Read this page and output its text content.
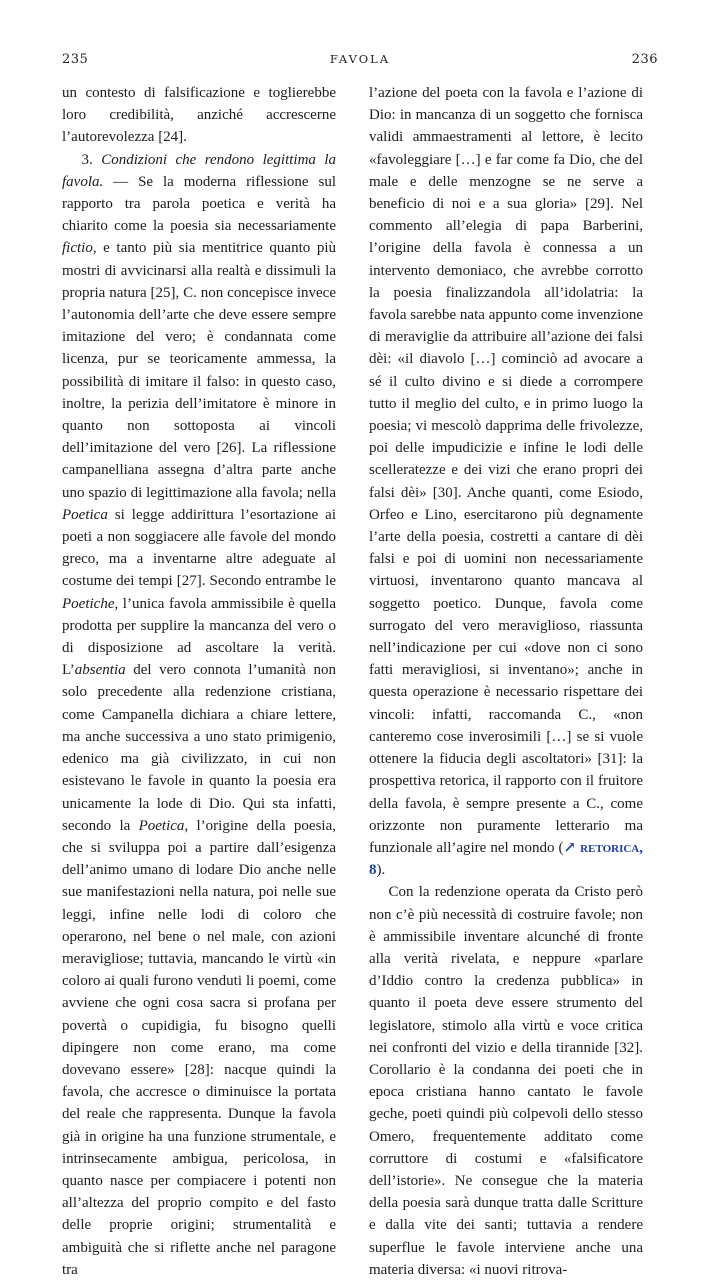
235	FAVOLA	236

un contesto di falsificazione e toglierebbe loro credibilità, anziché accrescerne l’autorevolezza [24].

3. Condizioni che rendono legittima la favola. — Se la moderna riflessione sul rapporto tra parola poetica e verità ha chiarito come la poesia sia necessariamente fictio, e tanto più sia mentitrice quanto più mostri di avvicinarsi alla realtà e dissimuli la propria natura [25], C. non concepisce invece l’autonomia dell’arte che deve essere sempre imitazione del vero; è condannata come licenza, pur se teoricamente ammessa, la possibilità di imitare il falso: in questo caso, inoltre, la perizia dell’imitatore è minore in quanto non sottoposta ai vincoli dell’imitazione del vero [26]. La riflessione campanelliana assegna d’altra parte anche uno spazio di legittimazione alla favola; nella Poetica si legge addirittura l’esortazione ai poeti a non soggiacere alle favole del mondo greco, ma a inventarne altre adeguate al costume dei tempi [27]. Secondo entrambe le Poetiche, l’unica favola ammissibile è quella prodotta per supplire la mancanza del vero o di disposizione ad ascoltare la verità. L’absentia del vero connota l’umanità non solo precedente alla redenzione cristiana, come Campanella dichiara a chiare lettere, ma anche successiva a uno stato primigenio, edenico ma già civilizzato, in cui non esistevano le favole in quanto la poesia era unicamente la lode di Dio. Qui sta infatti, secondo la Poetica, l’origine della poesia, che si sviluppa poi a partire dall’esigenza dell’animo umano di lodare Dio anche nelle sue manifestazioni nella natura, poi nelle sue leggi, infine nelle lodi di coloro che operarono, nel bene o nel male, con azioni meravigliose; tuttavia, mancando le virtù «in coloro ai quali furono venduti li poemi, come avviene che ogni cosa sacra si profana per povertà o cupidigia, fu bisogno quelli dipingere non come erano, ma come dovevano essere» [28]: nacque quindi la favola, che accresce o diminuisce la portata del reale che rappresenta. Dunque la favola già in origine ha una funzione strumentale, e intrinsecamente ambigua, pericolosa, in quanto nasce per compiacere i potenti non all’altezza del proprio compito e del fasto delle proprie origini; strumentalità e ambiguità che si riflette anche nel paragone tra

l’azione del poeta con la favola e l’azione di Dio: in mancanza di un soggetto che fornisca validi ammaestramenti al lettore, è lecito «favoleggiare […] e far come fa Dio, che del male e delle menzogne se ne serve a beneficio di noi e a sua gloria» [29]. Nel commento all’elegia di papa Barberini, l’origine della favola è connessa a un intervento demoniaco, che avrebbe corrotto la poesia finalizzandola all’idolatria: la favola sarebbe nata appunto come invenzione di meraviglie da attribuire all’azione dei falsi dèi: «il diavolo […] cominciò ad avocare a sé il culto divino e si diede a corrompere tutto il meglio del culto, e in primo luogo la poesia; vi mescolò dapprima delle frivolezze, poi delle impudicizie e infine le lodi delle scelleratezze e dei vizi che erano propri dei falsi dèi» [30]. Anche quanti, come Esiodo, Orfeo e Lino, esercitarono più degnamente l’arte della poesia, costretti a cantare di dèi falsi e poi di uomini non necessariamente virtuosi, inventarono quanto mancava al soggetto poetico. Dunque, favola come surrogato del vero meraviglioso, riassunta nell’indicazione per cui «dove non ci sono fatti meravigliosi, si inventano»; anche in questa operazione è necessario rispettare dei vincoli: infatti, raccomanda C., «non canteremo cose inverosimili […] se si vuole ottenere la fiducia degli ascoltatori» [31]: la prospettiva retorica, il rapporto con il fruitore della favola, è sempre presente a C., come orizzonte non puramente letterario ma funzionale all’agire nel mondo (↗ retorica, 8).

Con la redenzione operata da Cristo però non c’è più necessità di costruire favole; non è ammissibile inventare alcunché di fronte alla verità rivelata, e neppure «parlare d’Iddio contro la credenza pubblica» in quanto il poeta deve essere strumento del legislatore, stimolo alla virtù e voce critica nei confronti del vizio e della tirannide [32]. Corollario è la condanna dei poeti che in epoca cristiana hanno cantato le favole geche, poeti quindi più colpevoli dello stesso Omero, frequentemente additato come corruttore di costumi e «falsificatore dell’istorie». Ne consegue che la materia della poesia sarà dunque tratta dalle Scritture e dalla vite dei santi; tuttavia a rendere superflue le favole interviene anche una materia diversa: «i nuovi ritrova-
